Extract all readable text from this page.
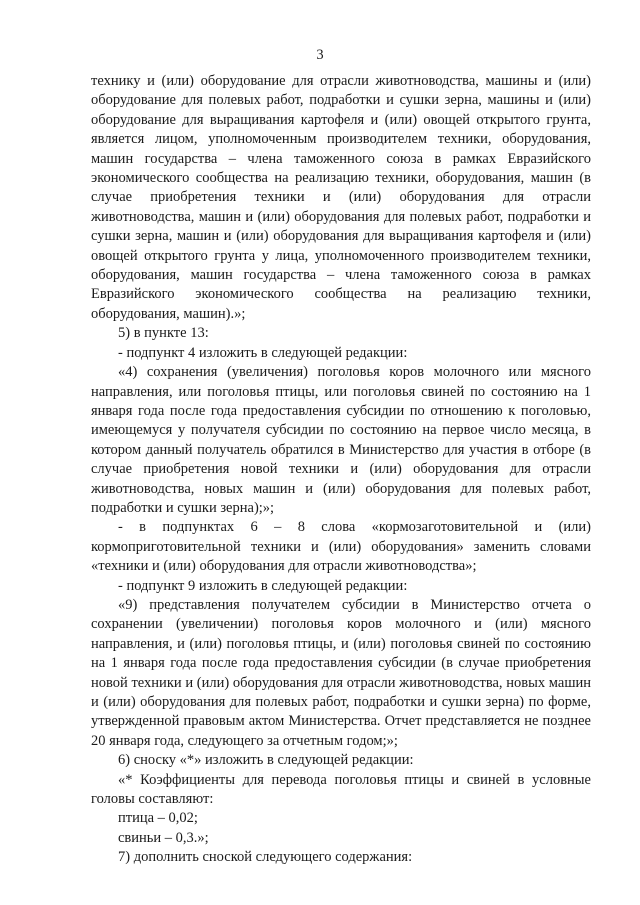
3

технику и (или) оборудование для отрасли животноводства, машины и (или) оборудование для полевых работ, подработки и сушки зерна, машины и (или) оборудование для выращивания картофеля и (или) овощей открытого грунта, является лицом, уполномоченным производителем техники, оборудования, машин государства – члена таможенного союза в рамках Евразийского экономического сообщества на реализацию техники, оборудования, машин (в случае приобретения техники и (или) оборудования для отрасли животноводства, машин и (или) оборудования для полевых работ, подработки и сушки зерна, машин и (или) оборудования для выращивания картофеля и (или) овощей открытого грунта у лица, уполномоченного производителем техники, оборудования, машин государства – члена таможенного союза в рамках Евразийского экономического сообщества на реализацию техники, оборудования, машин).»;

5) в пункте 13:

- подпункт 4 изложить в следующей редакции:

«4) сохранения (увеличения) поголовья коров молочного или мясного направления, или поголовья птицы, или поголовья свиней по состоянию на 1 января года после года предоставления субсидии по отношению к поголовью, имеющемуся у получателя субсидии по состоянию на первое число месяца, в котором данный получатель обратился в Министерство для участия в отборе (в случае приобретения новой техники и (или) оборудования для отрасли животноводства, новых машин и (или) оборудования для полевых работ, подработки и сушки зерна);»;

- в подпунктах 6 – 8 слова «кормозаготовительной и (или) кормоприготовительной техники и (или) оборудования» заменить словами «техники и (или) оборудования для отрасли животноводства»;

- подпункт 9 изложить в следующей редакции:

«9) представления получателем субсидии в Министерство отчета о сохранении (увеличении) поголовья коров молочного и (или) мясного направления, и (или) поголовья птицы, и (или) поголовья свиней по состоянию на 1 января года после года предоставления субсидии (в случае приобретения новой техники и (или) оборудования для отрасли животноводства, новых машин и (или) оборудования для полевых работ, подработки и сушки зерна) по форме, утвержденной правовым актом Министерства. Отчет представляется не позднее 20 января года, следующего за отчетным годом;»;

6) сноску «*» изложить в следующей редакции:

«* Коэффициенты для перевода поголовья птицы и свиней в условные головы составляют:

птица – 0,02;

свиньи – 0,3.»;

7) дополнить сноской следующего содержания:
